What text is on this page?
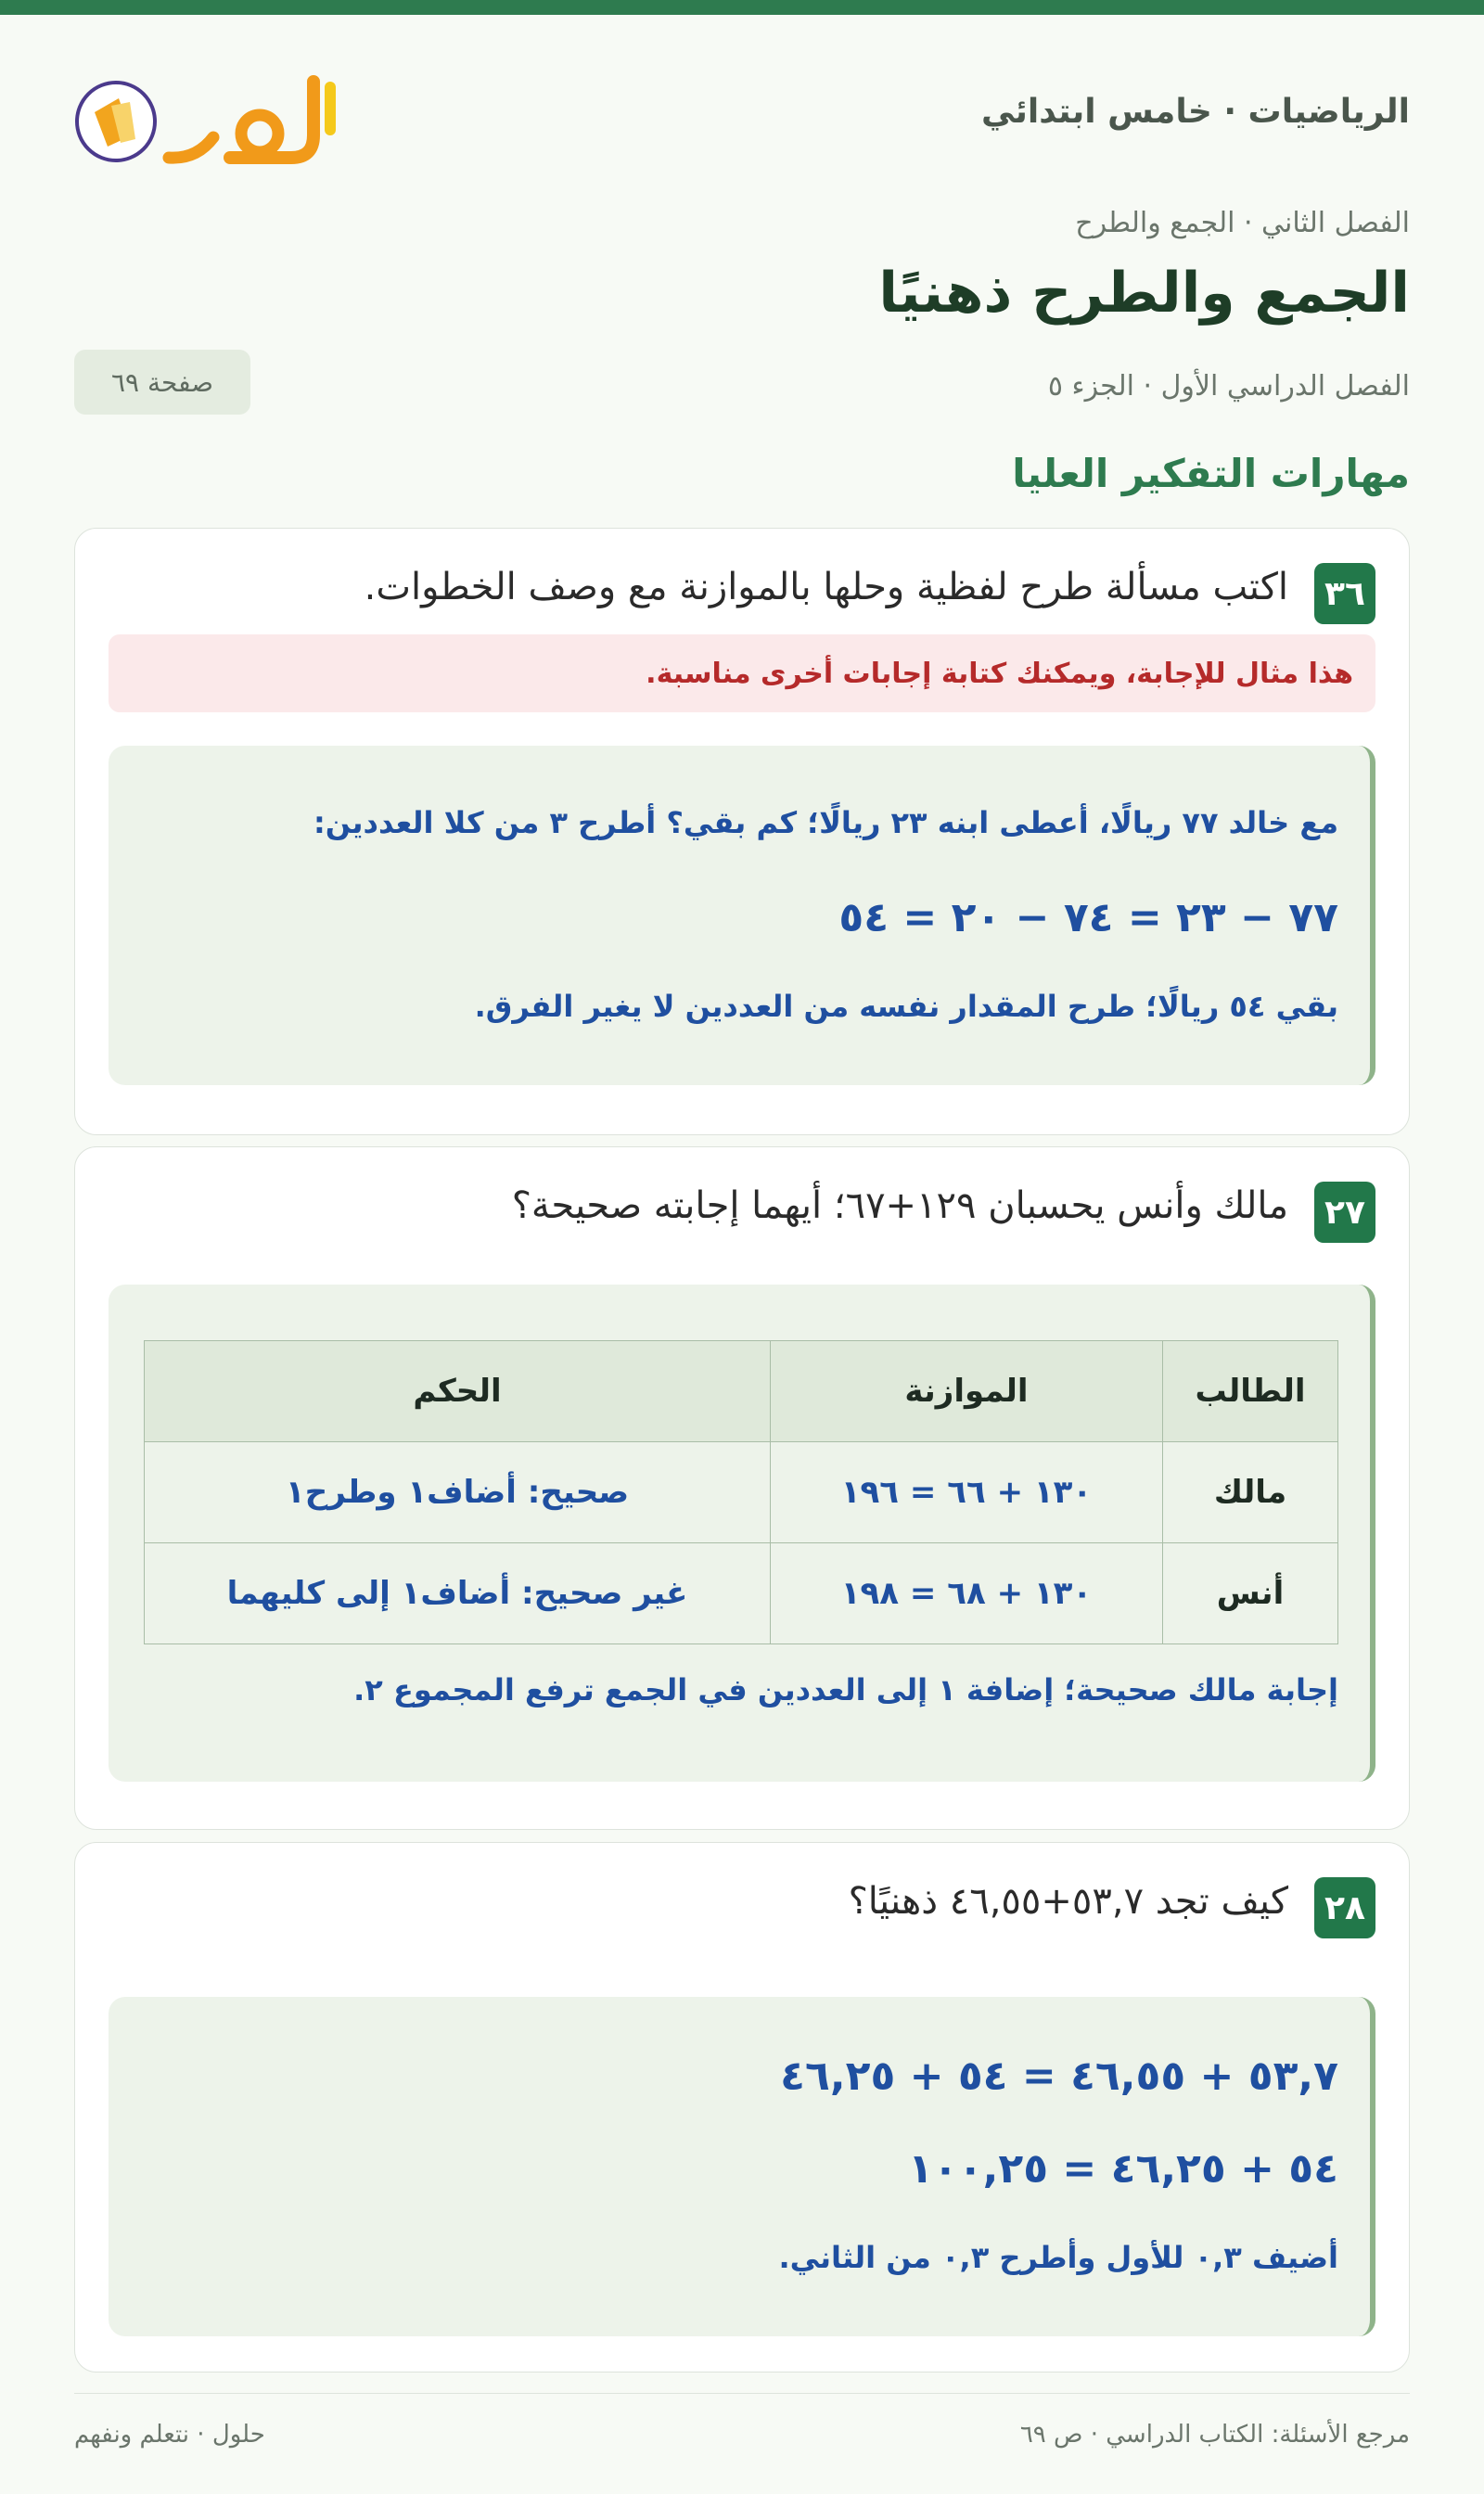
الرياضيات · خامس ابتدائي
حلول
الفصل الثاني · الجمع والطرح
الجمع والطرح ذهنيًا
الفصل الدراسي الأول · الجزء ٥
صفحة ٦٩
مهارات التفكير العليا
٣٦
اكتب مسألة طرح لفظية وحلها بالموازنة مع وصف الخطوات.
هذا مثال للإجابة، ويمكنك كتابة إجابات أخرى مناسبة.
مع خالد ٧٧ ريالًا، أعطى ابنه ٢٣ ريالًا؛ كم بقي؟ أطرح ٣ من كلا العددين:
٧٧ − ٢٣ = ٧٤ − ٢٠ = ٥٤
بقي ٥٤ ريالًا؛ طرح المقدار نفسه من العددين لا يغير الفرق.
٢٧
مالك وأنس يحسبان ١٢٩+٦٧؛ أيهما إجابته صحيحة؟
الطالب	الموازنة	الحكم
مالك	١٣٠ + ٦٦ = ١٩٦	صحيح: أضاف١ وطرح١
أنس	١٣٠ + ٦٨ = ١٩٨	غير صحيح: أضاف١ إلى كليهما
إجابة مالك صحيحة؛ إضافة ١ إلى العددين في الجمع ترفع المجموع ٢.
٢٨
كيف تجد ٥٣,٧+٤٦,٥٥ ذهنيًا؟
٥٣,٧ + ٤٦,٥٥ = ٥٤ + ٤٦,٢٥
٥٤ + ٤٦,٢٥ = ١٠٠,٢٥
أضيف ٠,٣ للأول وأطرح ٠,٣ من الثاني.
مرجع الأسئلة: الكتاب الدراسي · ص ٦٩
حلول · نتعلم ونفهم
